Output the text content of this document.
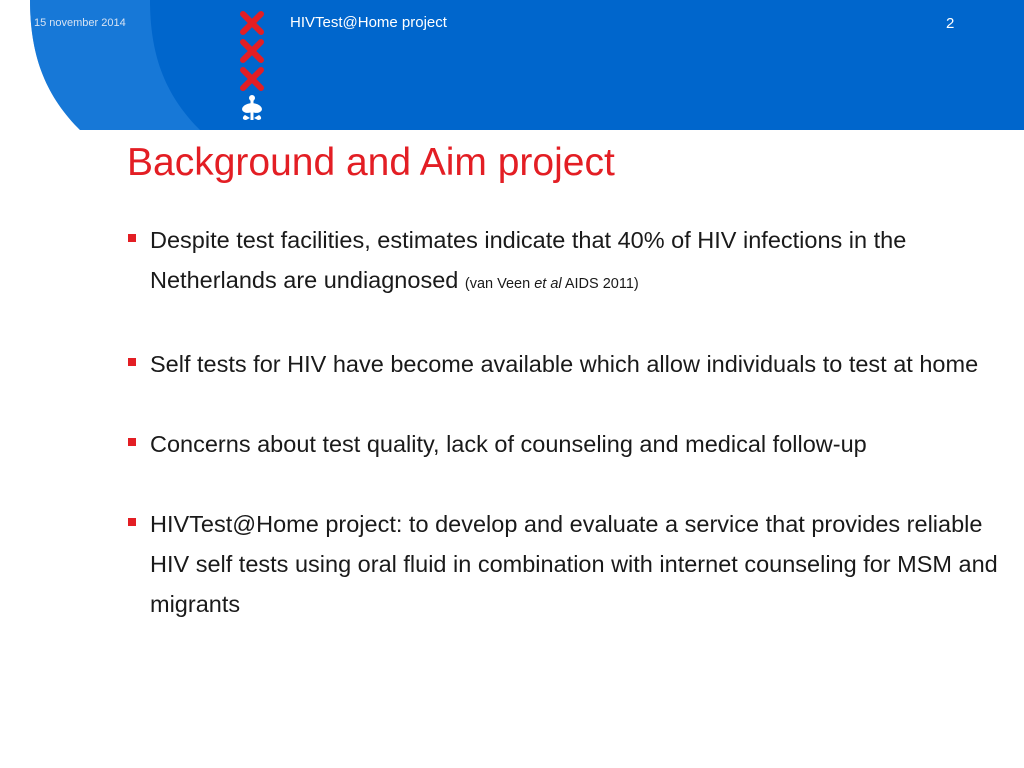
15 november 2014	HIVTest@Home project	2
Background and Aim project
Despite test facilities, estimates indicate that 40% of HIV infections in the Netherlands are undiagnosed (van Veen et al AIDS 2011)
Self tests for HIV have become available which allow individuals to test at home
Concerns about test quality, lack of counseling and medical follow-up
HIVTest@Home project: to develop and evaluate a service that provides reliable HIV self tests using oral fluid in combination with internet counseling for MSM and migrants
